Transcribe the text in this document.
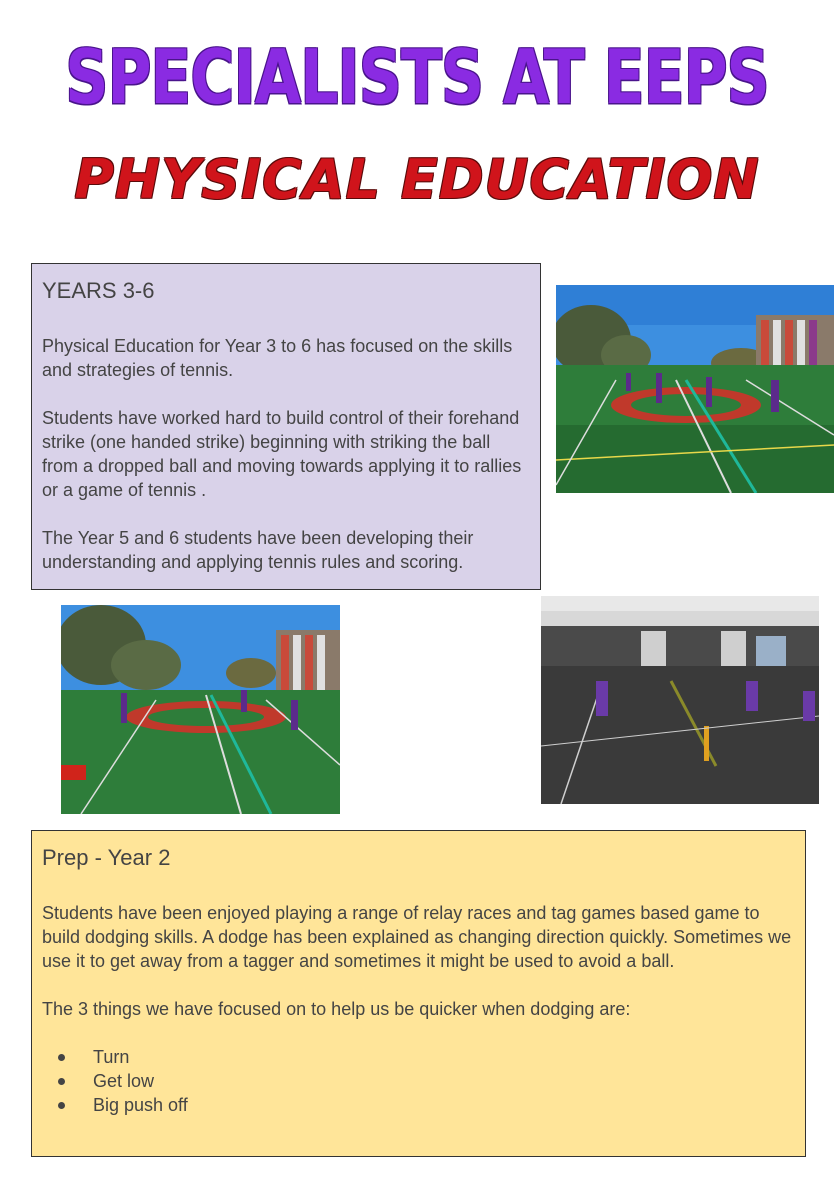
SPECIALISTS AT EEPS
PHYSICAL EDUCATION
YEARS 3-6

Physical Education for Year 3 to 6 has focused on the skills and strategies of tennis.

Students have worked hard to build control of their forehand strike (one handed strike) beginning with striking the ball from a dropped ball and moving towards applying it to rallies or a game of tennis .

The Year 5 and 6 students have been developing their understanding and applying tennis rules and scoring.

Prep - Year 2

Students have been enjoyed playing a range of relay races and tag games based game to build dodging skills. A dodge has been explained as changing direction quickly. Sometimes we use it to get away from a tagger and sometimes it might be used to avoid a ball.

The 3 things we have focused on to help us be quicker when dodging are:

Turn
Get low
Big push off
